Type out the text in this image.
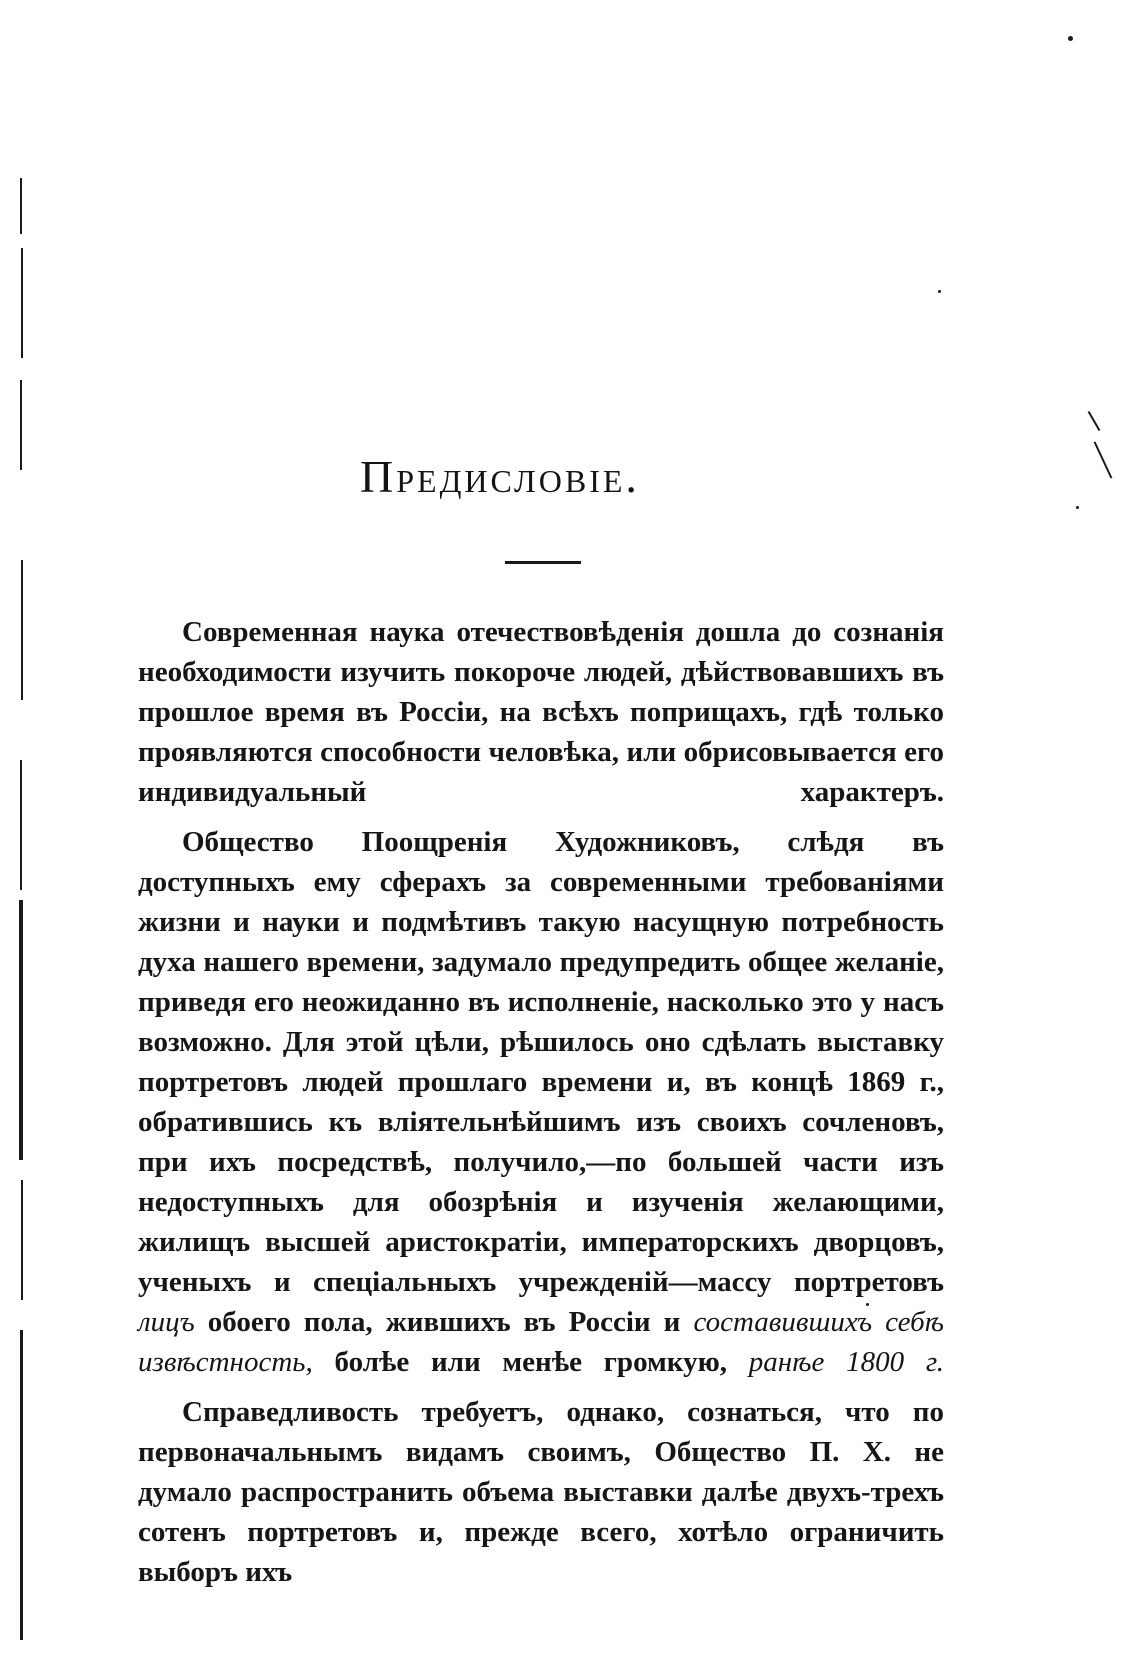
Предисловіе.

Современная наука отечествовѣденія дошла до сознанія необходимости изучить покороче людей, дѣйствовавшихъ въ прошлое время въ Россіи, на всѣхъ поприщахъ, гдѣ только проявляются способности человѣка, или обрисовывается его индивидуальный характеръ.

Общество Поощренія Художниковъ, слѣдя въ доступныхъ ему сферахъ за современными требованіями жизни и науки и подмѣтивъ такую насущную потребность духа нашего времени, задумало предупредить общее желаніе, приведя его неожиданно въ исполненіе, насколько это у насъ возможно. Для этой цѣли, рѣшилось оно сдѣлать выставку портретовъ людей прошлаго времени и, въ концѣ 1869 г., обратившись къ вліятельнѣйшимъ изъ своихъ сочленовъ, при ихъ посредствѣ, получило,—по большей части изъ недоступныхъ для обозрѣнія и изученія желающими, жилищъ высшей аристократіи, императорскихъ дворцовъ, ученыхъ и спеціальныхъ учрежденій—массу портретовъ лицъ обоего пола, жившихъ въ Россіи и составившихъ себѣ извѣстность, болѣе или менѣе громкую, ранѣе 1800 г.

Справедливость требуетъ, однако, сознаться, что по первоначальнымъ видамъ своимъ, Общество П. Х. не думало распространить объема выставки далѣе двухъ-трехъ сотенъ портретовъ и, прежде всего, хотѣло ограничить выборъ ихъ
